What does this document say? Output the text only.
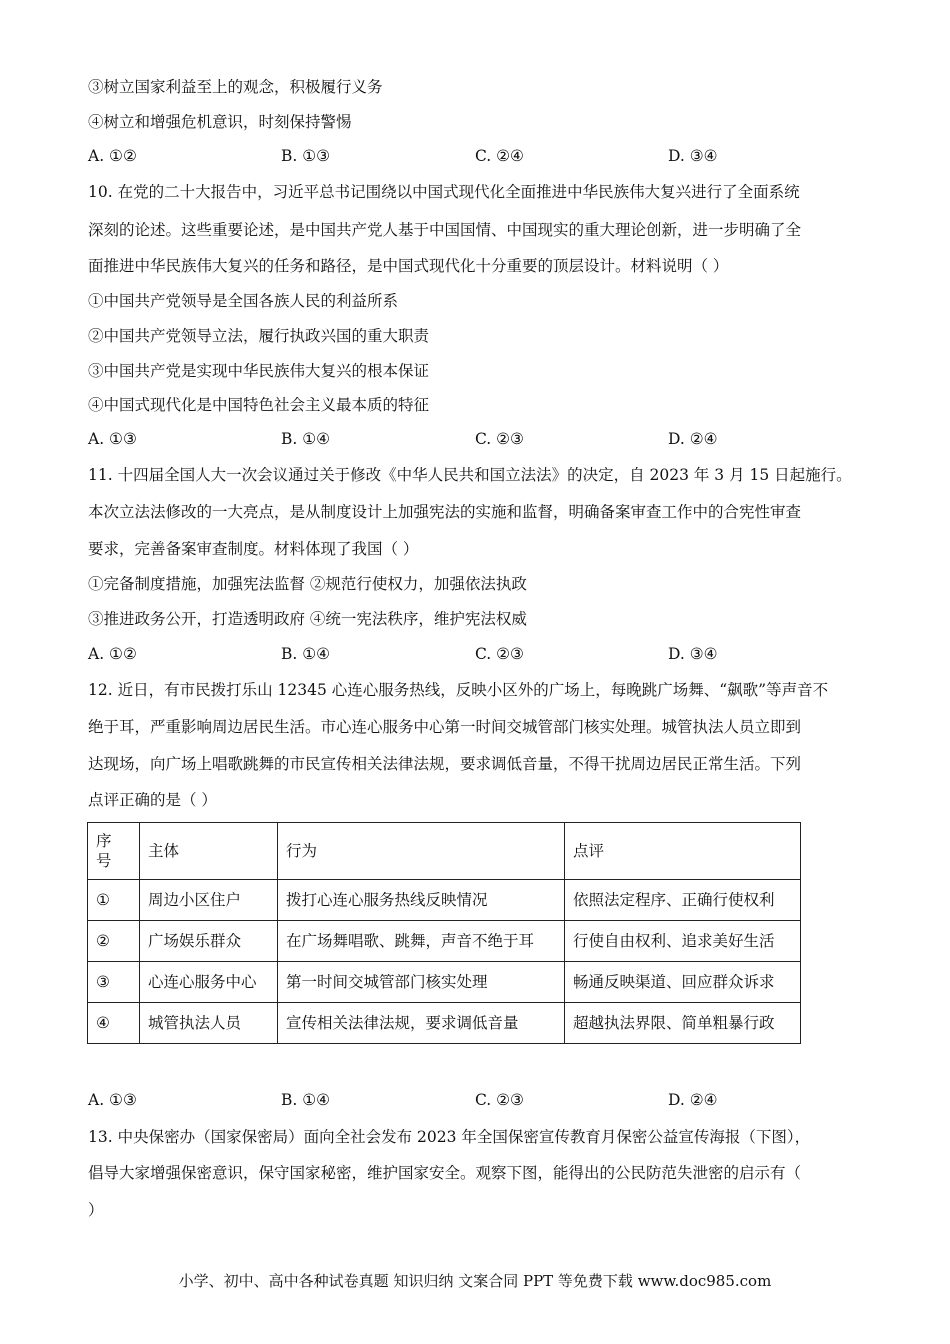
③树立国家利益至上的观念，积极履行义务
④树立和增强危机意识，时刻保持警惕
A. ①②	B. ①③	C. ②④	D. ③④
10. 在党的二十大报告中，习近平总书记围绕以中国式现代化全面推进中华民族伟大复兴进行了全面系统
深刻的论述。这些重要论述，是中国共产党人基于中国国情、中国现实的重大理论创新，进一步明确了全
面推进中华民族伟大复兴的任务和路径，是中国式现代化十分重要的顶层设计。材料说明（ ）
①中国共产党领导是全国各族人民的利益所系
②中国共产党领导立法，履行执政兴国的重大职责
③中国共产党是实现中华民族伟大复兴的根本保证
④中国式现代化是中国特色社会主义最本质的特征
A. ①③	B. ①④	C. ②③	D. ②④
11. 十四届全国人大一次会议通过关于修改《中华人民共和国立法法》的决定，自 2023 年 3 月 15 日起施行。
本次立法法修改的一大亮点，是从制度设计上加强宪法的实施和监督，明确备案审查工作中的合宪性审查
要求，完善备案审查制度。材料体现了我国（ ）
①完备制度措施，加强宪法监督 ②规范行使权力，加强依法执政
③推进政务公开，打造透明政府 ④统一宪法秩序，维护宪法权威
A. ①②	B. ①④	C. ②③	D. ③④
12. 近日，有市民拨打乐山 12345 心连心服务热线，反映小区外的广场上，每晚跳广场舞、“飙歌”等声音不
绝于耳，严重影响周边居民生活。市心连心服务中心第一时间交城管部门核实处理。城管执法人员立即到
达现场，向广场上唱歌跳舞的市民宣传相关法律法规，要求调低音量，不得干扰周边居民正常生活。下列
点评正确的是（ ）
序号	主体	行为	点评
①	周边小区住户	拨打心连心服务热线反映情况	依照法定程序、正确行使权利
②	广场娱乐群众	在广场舞唱歌、跳舞，声音不绝于耳	行使自由权利、追求美好生活
③	心连心服务中心	第一时间交城管部门核实处理	畅通反映渠道、回应群众诉求
④	城管执法人员	宣传相关法律法规，要求调低音量	超越执法界限、简单粗暴行政
A. ①③	B. ①④	C. ②③	D. ②④
13. 中央保密办（国家保密局）面向全社会发布 2023 年全国保密宣传教育月保密公益宣传海报（下图），
倡导大家增强保密意识，保守国家秘密，维护国家安全。观察下图，能得出的公民防范失泄密的启示有（
）
小学、初中、高中各种试卷真题 知识归纳 文案合同 PPT 等免费下载 www.doc985.com
